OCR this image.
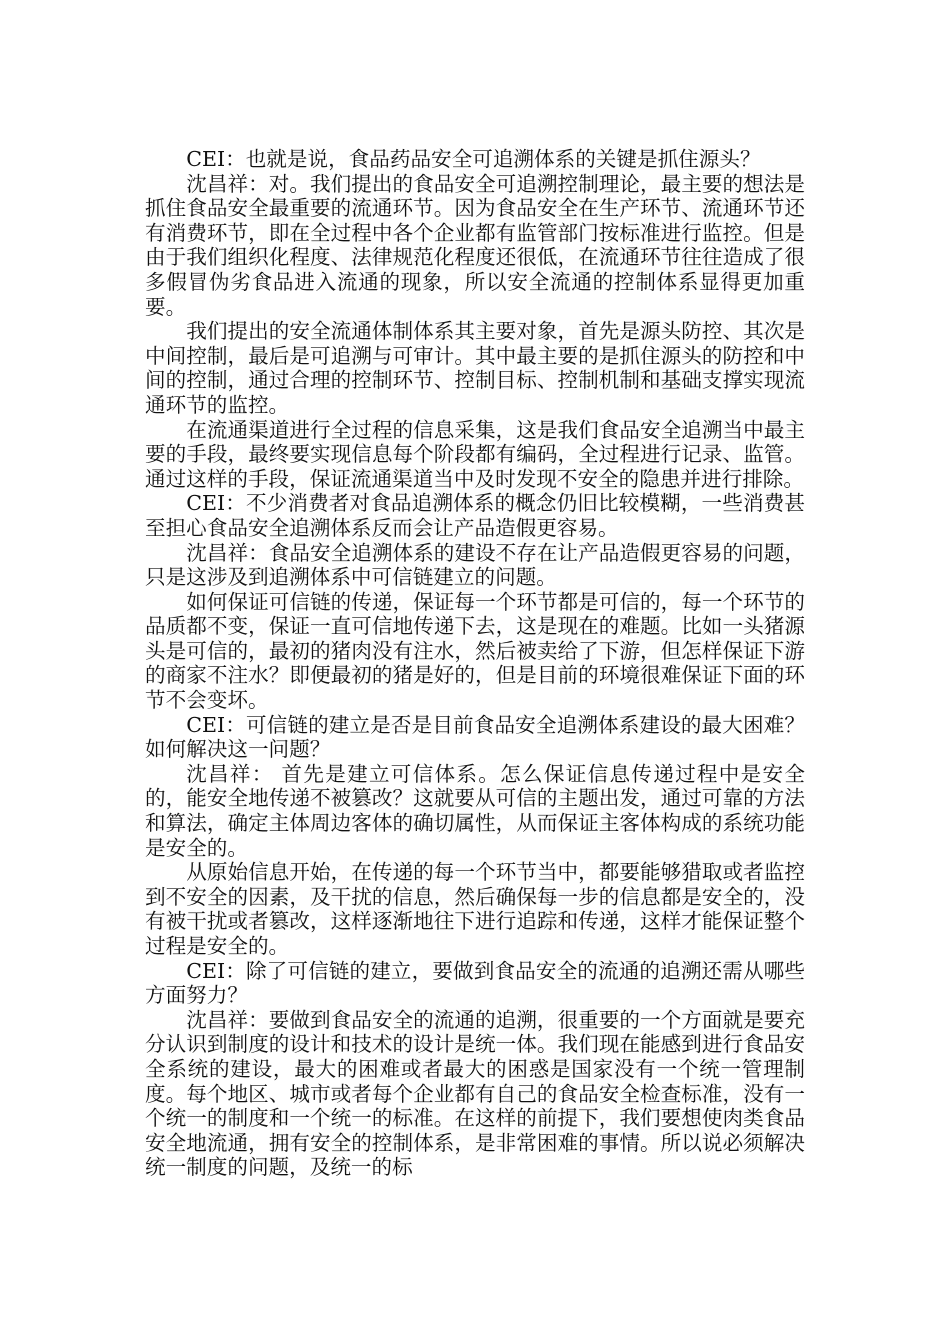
CEI：也就是说，食品药品安全可追溯体系的关键是抓住源头？

沈昌祥：对。我们提出的食品安全可追溯控制理论，最主要的想法是抓住食品安全最重要的流通环节。因为食品安全在生产环节、流通环节还有消费环节，即在全过程中各个企业都有监管部门按标准进行监控。但是由于我们组织化程度、法律规范化程度还很低，在流通环节往往造成了很多假冒伪劣食品进入流通的现象，所以安全流通的控制体系显得更加重要。

我们提出的安全流通体制体系其主要对象，首先是源头防控、其次是中间控制，最后是可追溯与可审计。其中最主要的是抓住源头的防控和中间的控制，通过合理的控制环节、控制目标、控制机制和基础支撑实现流通环节的监控。

在流通渠道进行全过程的信息采集，这是我们食品安全追溯当中最主要的手段，最终要实现信息每个阶段都有编码，全过程进行记录、监管。通过这样的手段，保证流通渠道当中及时发现不安全的隐患并进行排除。

CEI：不少消费者对食品追溯体系的概念仍旧比较模糊，一些消费甚至担心食品安全追溯体系反而会让产品造假更容易。

沈昌祥：食品安全追溯体系的建设不存在让产品造假更容易的问题，只是这涉及到追溯体系中可信链建立的问题。

如何保证可信链的传递，保证每一个环节都是可信的，每一个环节的品质都不变，保证一直可信地传递下去，这是现在的难题。比如一头猪源头是可信的，最初的猪肉没有注水，然后被卖给了下游，但怎样保证下游的商家不注水？即便最初的猪是好的，但是目前的环境很难保证下面的环节不会变坏。

CEI：可信链的建立是否是目前食品安全追溯体系建设的最大困难？如何解决这一问题？

沈昌祥： 首先是建立可信体系。怎么保证信息传递过程中是安全的，能安全地传递不被篡改？这就要从可信的主题出发，通过可靠的方法和算法，确定主体周边客体的确切属性，从而保证主客体构成的系统功能是安全的。

从原始信息开始，在传递的每一个环节当中，都要能够猎取或者监控到不安全的因素，及干扰的信息，然后确保每一步的信息都是安全的，没有被干扰或者篡改，这样逐渐地往下进行追踪和传递，这样才能保证整个过程是安全的。

CEI：除了可信链的建立，要做到食品安全的流通的追溯还需从哪些方面努力？

沈昌祥：要做到食品安全的流通的追溯，很重要的一个方面就是要充分认识到制度的设计和技术的设计是统一体。我们现在能感到进行食品安全系统的建设，最大的困难或者最大的困惑是国家没有一个统一管理制度。每个地区、城市或者每个企业都有自己的食品安全检查标准，没有一个统一的制度和一个统一的标准。在这样的前提下，我们要想使肉类食品安全地流通，拥有安全的控制体系，是非常困难的事情。所以说必须解决统一制度的问题，及统一的标
